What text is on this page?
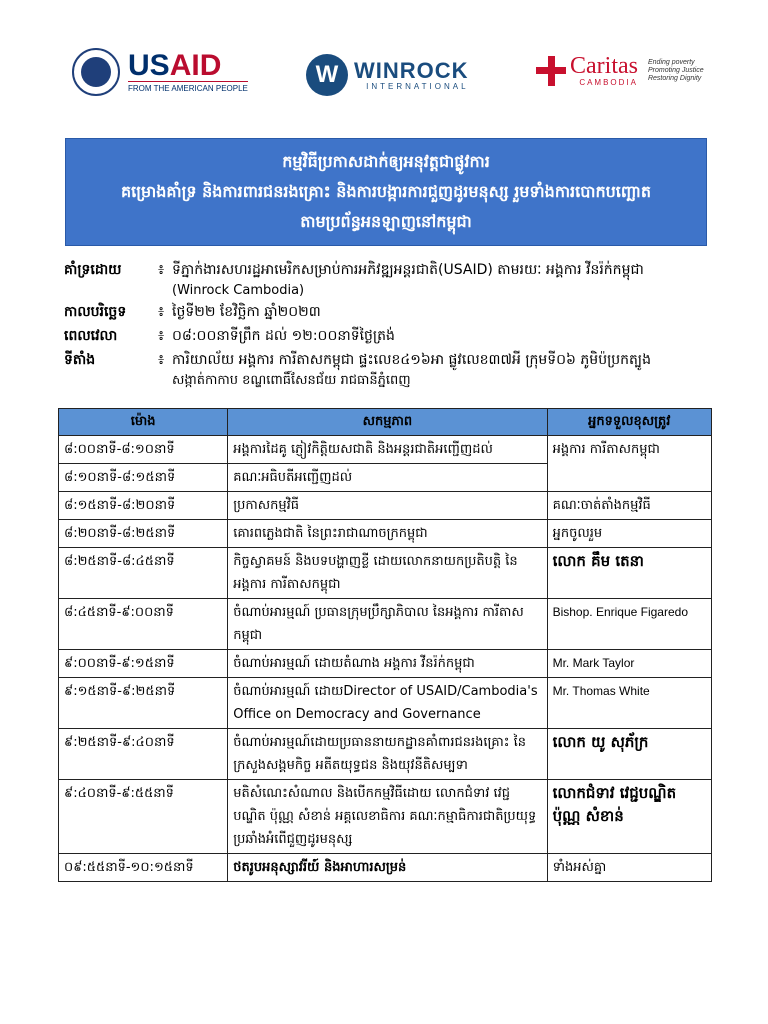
USAID
FROM THE AMERICAN PEOPLE
W WINROCK
INTERNATIONAL
Caritas
CAMBODIA
Ending poverty
Promoting Justice
Restoring Dignity
កម្មវិធីប្រកាសដាក់ឲ្យអនុវត្តជាផ្លូវការ
គម្រោងគាំទ្រ និងការពារជនរងគ្រោះ និងការបង្ការការជួញដូរមនុស្ស រួមទាំងការបោកបញ្ឆោត
តាមប្រព័ន្ធអនឡាញនៅកម្ពុជា
គាំទ្រដោយ	៖ ទីភ្នាក់ងារសហរដ្ឋអាមេរិកសម្រាប់ការអភិវឌ្ឍអន្តរជាតិ(USAID) តាមរយៈ អង្គការ វីនរ៉ក់កម្ពុជា
(Winrock Cambodia)
កាលបរិច្ឆេទ	៖ ថ្ងៃទី២២ ខែវិច្ឆិកា ឆ្នាំ២០២៣
ពេលវេលា	៖ ០៨:០០នាទីព្រឹក ដល់ ១២:០០នាទីថ្ងៃត្រង់
ទីតាំង	៖ ការិយាល័យ អង្គការ ការីតាសកម្ពុជា ផ្ទះលេខ៤១៦អា ផ្លូវលេខ៣៧អី ក្រុមទី០៦ ភូមិប៉ប្រកត្បូង
សង្កាត់កាកាប ខណ្ឌពោធិ៍សែនជ័យ រាជធានីភ្នំពេញ
ម៉ោង	សកម្មភាព	អ្នកទទួលខុសត្រូវ
៨:០០នាទី-៨:១០នាទី	អង្គការដៃគូ ភ្ញៀវកិត្តិយសជាតិ និងអន្តរជាតិអញ្ជើញដល់	អង្គការ ការីតាសកម្ពុជា
៨:១០នាទី-៨:១៥នាទី	គណៈអធិបតីអញ្ជើញដល់	
៨:១៥នាទី-៨:២០នាទី	ប្រកាសកម្មវិធី	គណៈចាត់តាំងកម្មវិធី
៨:២០នាទី-៨:២៥នាទី	គោរពភ្លេងជាតិ នៃព្រះរាជាណាចក្រកម្ពុជា	អ្នកចូលរួម
៨:២៥នាទី-៨:៤៥នាទី	កិច្ចស្វាគមន៍ និងបទបង្ហាញខ្លី ដោយលោកនាយកប្រតិបត្តិ នៃអង្គការ ការីតាសកម្ពុជា	លោក គឹម តេនា
៨:៤៥នាទី-៩:០០នាទី	ចំណាប់អារម្មណ៍ ប្រធានក្រុមប្រឹក្សាភិបាល នៃអង្គការ ការីតាសកម្ពុជា	Bishop. Enrique Figaredo
៩:០០នាទី-៩:១៥នាទី	ចំណាប់អារម្មណ៍ ដោយតំណាង អង្គការ វីនរ៉ក់កម្ពុជា	Mr. Mark Taylor
៩:១៥នាទី-៩:២៥នាទី	ចំណាប់អារម្មណ៍ ដោយDirector of USAID/Cambodia's Office on Democracy and Governance	Mr. Thomas White
៩:២៥នាទី-៩:៤០នាទី	ចំណាប់អារម្មណ៍ដោយប្រធាននាយកដ្ឋានគាំពារជនរងគ្រោះ នៃក្រសួងសង្គមកិច្ច អតីតយុទ្ធជន និងយុវនីតិសម្បទា	លោក យូ សុភ័ក្រ
៩:៤០នាទី-៩:៥៥នាទី	មតិសំណេះសំណាល និងបើកកម្មវិធីដោយ លោកជំទាវ វេជ្ជបណ្ឌិត ប៉ុណ្ណ សំខាន់ អគ្គលេខាធិការ គណៈកម្មាធិការជាតិប្រយុទ្ធប្រឆាំងអំពើជួញដូរមនុស្ស	លោកជំទាវ វេជ្ជបណ្ឌិត ប៉ុណ្ណ សំខាន់
០៩:៥៥នាទី-១០:១៥នាទី	ថតរូបអនុស្សាវរីយ៍ និងអាហារសម្រន់	ទាំងអស់គ្នា
